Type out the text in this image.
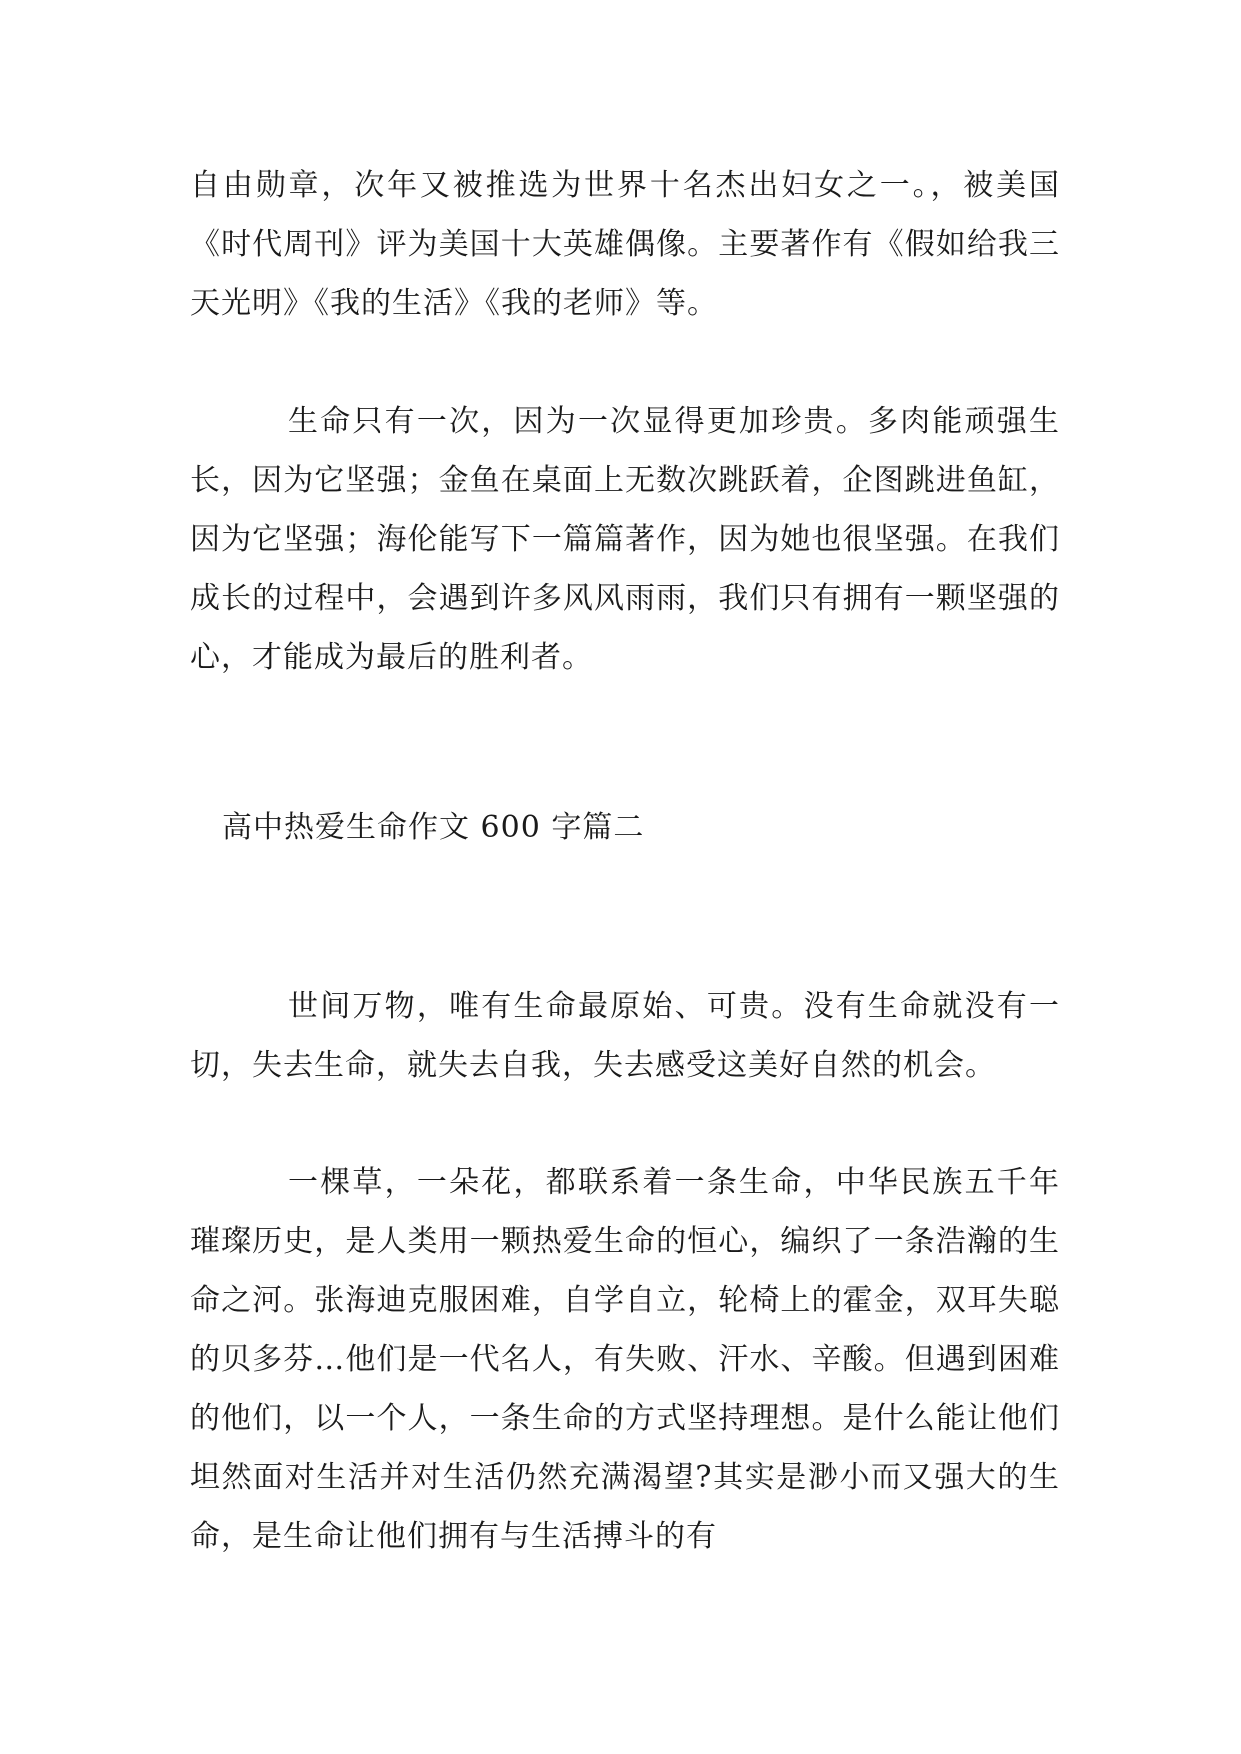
自由勋章，次年又被推选为世界十名杰出妇女之一。，被美国《时代周刊》评为美国十大英雄偶像。主要著作有《假如给我三天光明》《我的生活》《我的老师》等。

生命只有一次，因为一次显得更加珍贵。多肉能顽强生长，因为它坚强；金鱼在桌面上无数次跳跃着，企图跳进鱼缸，因为它坚强；海伦能写下一篇篇著作，因为她也很坚强。在我们成长的过程中，会遇到许多风风雨雨，我们只有拥有一颗坚强的心，才能成为最后的胜利者。

高中热爱生命作文 600 字篇二

世间万物，唯有生命最原始、可贵。没有生命就没有一切，失去生命，就失去自我，失去感受这美好自然的机会。

一棵草，一朵花，都联系着一条生命，中华民族五千年璀璨历史，是人类用一颗热爱生命的恒心，编织了一条浩瀚的生命之河。张海迪克服困难，自学自立，轮椅上的霍金，双耳失聪的贝多芬…他们是一代名人，有失败、汗水、辛酸。但遇到困难的他们，以一个人，一条生命的方式坚持理想。是什么能让他们坦然面对生活并对生活仍然充满渴望?其实是渺小而又强大的生命，是生命让他们拥有与生活搏斗的有
